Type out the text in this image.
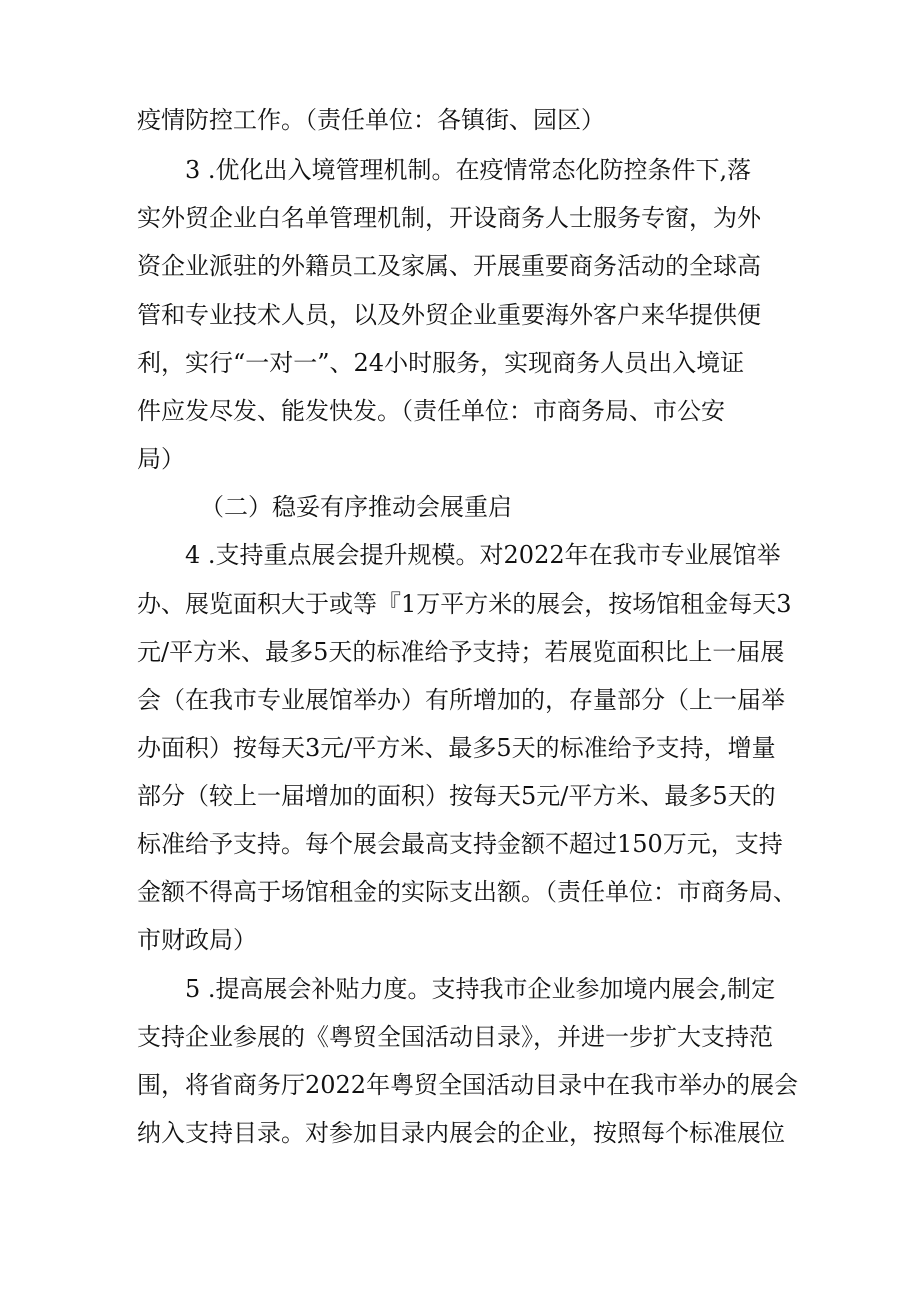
疫情防控工作。（责任单位：各镇街、园区）
3 .优化出入境管理机制。在疫情常态化防控条件下,落
实外贸企业白名单管理机制，开设商务人士服务专窗，为外
资企业派驻的外籍员工及家属、开展重要商务活动的全球高
管和专业技术人员，以及外贸企业重要海外客户来华提供便
利，实行“一对一”、24小时服务，实现商务人员出入境证
件应发尽发、能发快发。（责任单位：市商务局、市公安
局）
（二）稳妥有序推动会展重启
4 .支持重点展会提升规模。对2022年在我市专业展馆举
办、展览面积大于或等『1万平方米的展会，按场馆租金每天3
元/平方米、最多5天的标准给予支持；若展览面积比上一届展
会（在我市专业展馆举办）有所增加的，存量部分（上一届举
办面积）按每天3元/平方米、最多5天的标准给予支持，增量
部分（较上一届增加的面积）按每天5元/平方米、最多5天的
标准给予支持。每个展会最高支持金额不超过150万元，支持
金额不得高于场馆租金的实际支出额。（责任单位：市商务局、
市财政局）
5 .提高展会补贴力度。支持我市企业参加境内展会,制定
支持企业参展的《粤贸全国活动目录》，并进一步扩大支持范
围，将省商务厅2022年粤贸全国活动目录中在我市举办的展会
纳入支持目录。对参加目录内展会的企业，按照每个标准展位
